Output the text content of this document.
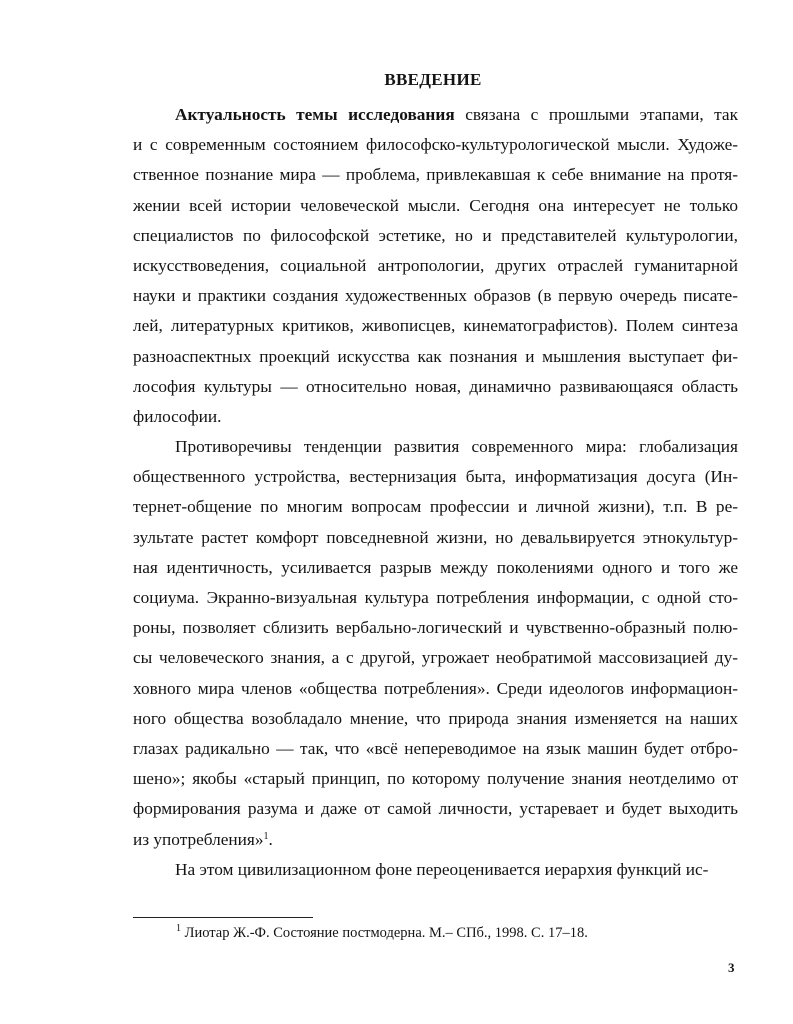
ВВЕДЕНИЕ
Актуальность темы исследования связана с прошлыми этапами, так
и с современным состоянием философско-культурологической мысли. Художе-
ственное познание мира — проблема, привлекавшая к себе внимание на протя-
жении всей истории человеческой мысли. Сегодня она интересует не только
специалистов по философской эстетике, но и представителей культурологии,
искусствоведения, социальной антропологии, других отраслей гуманитарной
науки и практики создания художественных образов (в первую очередь писате-
лей, литературных критиков, живописцев, кинематографистов). Полем синтеза
разноаспектных проекций искусства как познания и мышления выступает фи-
лософия культуры — относительно новая, динамично развивающаяся область
философии.
Противоречивы тенденции развития современного мира: глобализация
общественного устройства, вестернизация быта, информатизация досуга (Ин-
тернет-общение по многим вопросам профессии и личной жизни), т.п. В ре-
зультате растет комфорт повседневной жизни, но девальвируется этнокультур-
ная идентичность, усиливается разрыв между поколениями одного и того же
социума. Экранно-визуальная культура потребления информации, с одной сто-
роны, позволяет сблизить вербально-логический и чувственно-образный полю-
сы человеческого знания, а с другой, угрожает необратимой массовизацией ду-
ховного мира членов «общества потребления». Среди идеологов информацион-
ного общества возобладало мнение, что природа знания изменяется на наших
глазах радикально — так, что «всё непереводимое на язык машин будет отбро-
шено»; якобы «старый принцип, по которому получение знания неотделимо от
формирования разума и даже от самой личности, устаревает и будет выходить
из употребления»$^1$.
На этом цивилизационном фоне переоценивается иерархия функций ис-
$^1$ Лиотар Ж.-Ф. Состояние постмодерна. М.– СПб., 1998. С. 17–18.
3
